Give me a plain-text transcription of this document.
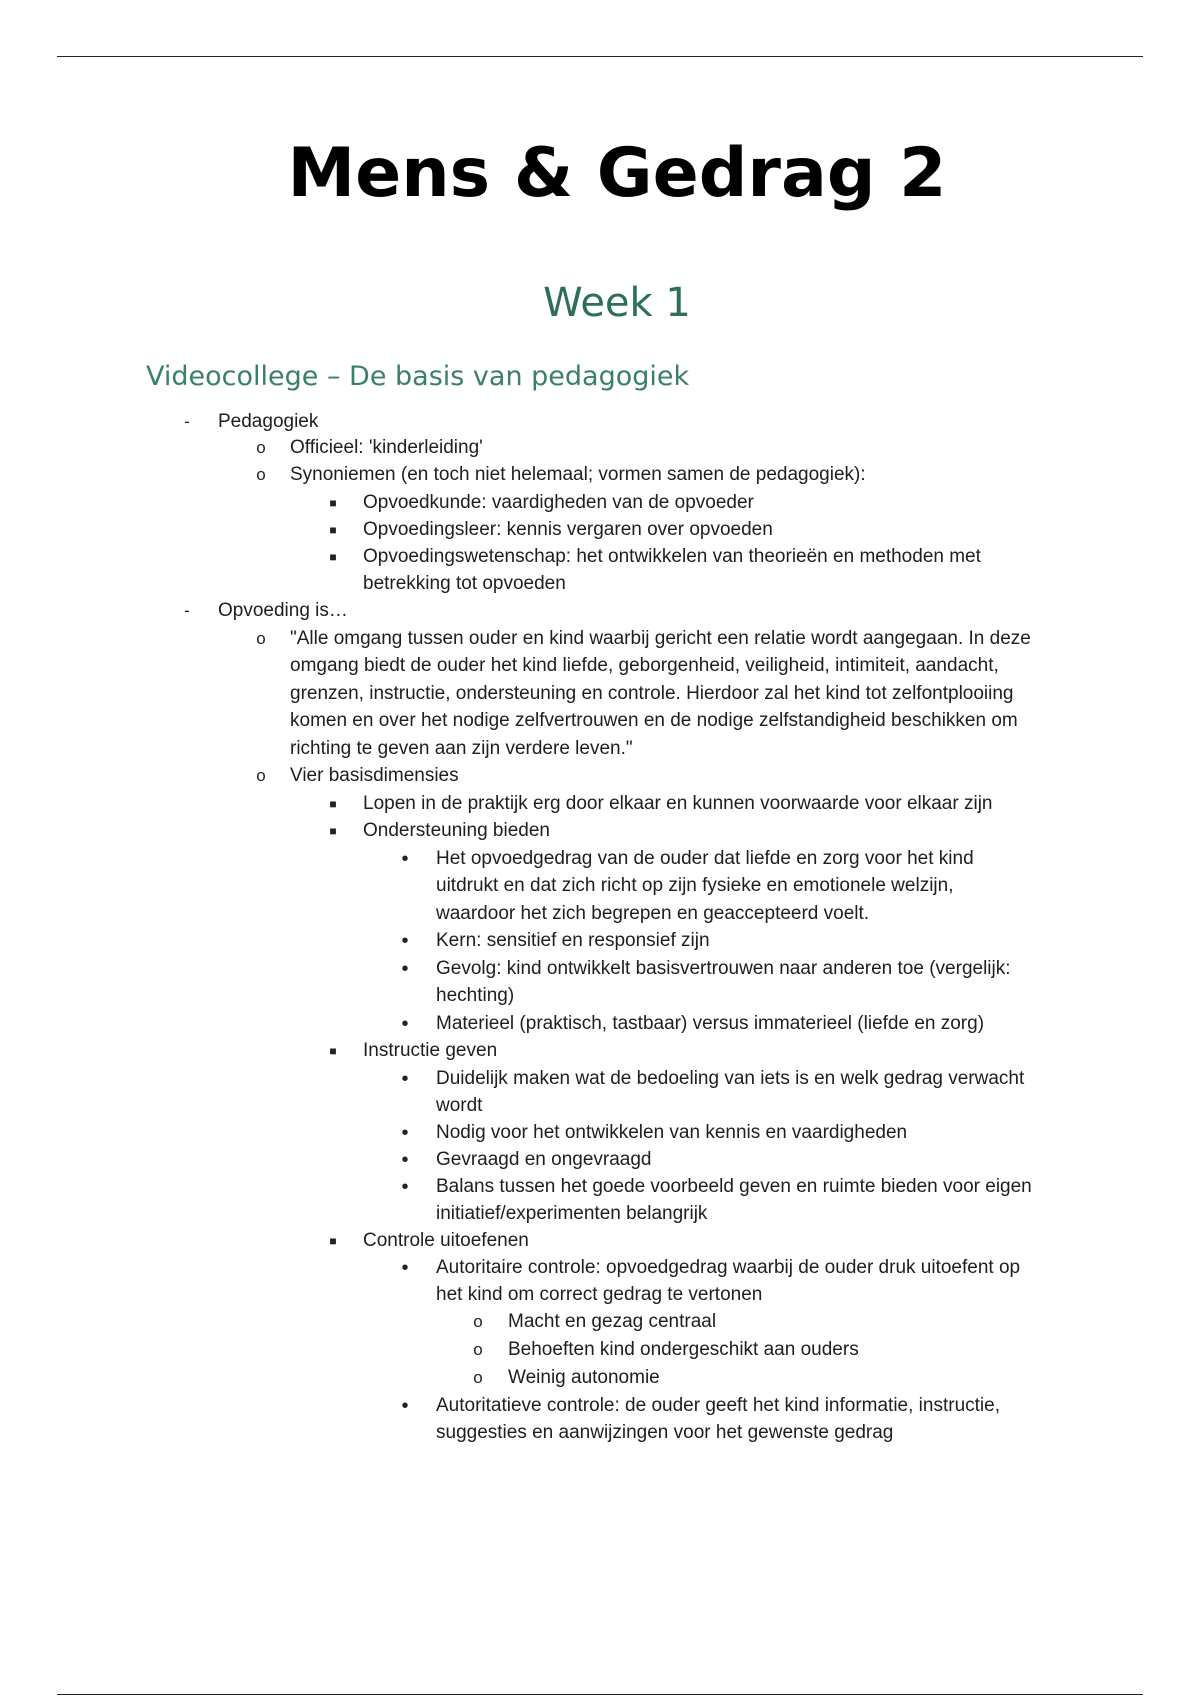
Mens & Gedrag 2
Week 1
Videocollege – De basis van pedagogiek
-	Pedagogiek
o	Officieel: 'kinderleiding'
o	Synoniemen (en toch niet helemaal; vormen samen de pedagogiek):
■	Opvoedkunde: vaardigheden van de opvoeder
■	Opvoedingsleer: kennis vergaren over opvoeden
■	Opvoedingswetenschap: het ontwikkelen van theorieën en methoden met
betrekking tot opvoeden
-	Opvoeding is…
o	"Alle omgang tussen ouder en kind waarbij gericht een relatie wordt aangegaan. In deze
omgang biedt de ouder het kind liefde, geborgenheid, veiligheid, intimiteit, aandacht,
grenzen, instructie, ondersteuning en controle. Hierdoor zal het kind tot zelfontplooiing
komen en over het nodige zelfvertrouwen en de nodige zelfstandigheid beschikken om
richting te geven aan zijn verdere leven."
o	Vier basisdimensies
■	Lopen in de praktijk erg door elkaar en kunnen voorwaarde voor elkaar zijn
■	Ondersteuning bieden
•	Het opvoedgedrag van de ouder dat liefde en zorg voor het kind
uitdrukt en dat zich richt op zijn fysieke en emotionele welzijn,
waardoor het zich begrepen en geaccepteerd voelt.
•	Kern: sensitief en responsief zijn
•	Gevolg: kind ontwikkelt basisvertrouwen naar anderen toe (vergelijk:
hechting)
•	Materieel (praktisch, tastbaar) versus immaterieel (liefde en zorg)
■	Instructie geven
•	Duidelijk maken wat de bedoeling van iets is en welk gedrag verwacht
wordt
•	Nodig voor het ontwikkelen van kennis en vaardigheden
•	Gevraagd en ongevraagd
•	Balans tussen het goede voorbeeld geven en ruimte bieden voor eigen
initiatief/experimenten belangrijk
■	Controle uitoefenen
•	Autoritaire controle: opvoedgedrag waarbij de ouder druk uitoefent op
het kind om correct gedrag te vertonen
o	Macht en gezag centraal
o	Behoeften kind ondergeschikt aan ouders
o	Weinig autonomie
•	Autoritatieve controle: de ouder geeft het kind informatie, instructie,
suggesties en aanwijzingen voor het gewenste gedrag
